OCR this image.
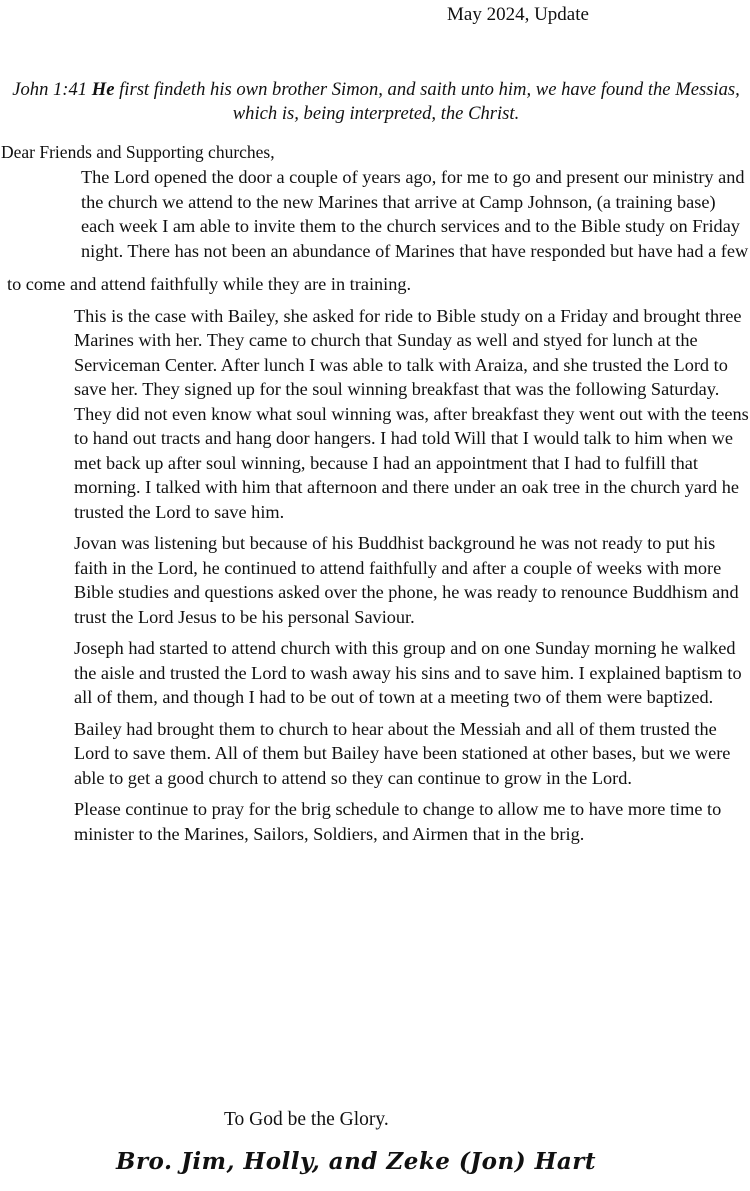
May 2024, Update
John 1:41 He first findeth his own brother Simon, and saith unto him, we have found the Messias, which is, being interpreted, the Christ.
Dear Friends and Supporting churches,

The Lord opened the door a couple of years ago, for me to go and present our ministry and the church we attend to the new Marines that arrive at Camp Johnson, (a training base) each week I am able to invite them to the church services and to the Bible study on Friday night. There has not been an abundance of Marines that have responded but have had a few

to come and attend faithfully while they are in training.

This is the case with Bailey, she asked for ride to Bible study on a Friday and brought three Marines with her. They came to church that Sunday as well and styed for lunch at the Serviceman Center. After lunch I was able to talk with Araiza, and she trusted the Lord to save her. They signed up for the soul winning breakfast that was the following Saturday. They did not even know what soul winning was, after breakfast they went out with the teens to hand out tracts and hang door hangers. I had told Will that I would talk to him when we met back up after soul winning, because I had an appointment that I had to fulfill that morning. I talked with him that afternoon and there under an oak tree in the church yard he trusted the Lord to save him.

Jovan was listening but because of his Buddhist background he was not ready to put his faith in the Lord, he continued to attend faithfully and after a couple of weeks with more Bible studies and questions asked over the phone, he was ready to renounce Buddhism and trust the Lord Jesus to be his personal Saviour.

Joseph had started to attend church with this group and on one Sunday morning he walked the aisle and trusted the Lord to wash away his sins and to save him. I explained baptism to all of them, and though I had to be out of town at a meeting two of them were baptized.

Bailey had brought them to church to hear about the Messiah and all of them trusted the Lord to save them. All of them but Bailey have been stationed at other bases, but we were able to get a good church to attend so they can continue to grow in the Lord.

Please continue to pray for the brig schedule to change to allow me to have more time to minister to the Marines, Sailors, Soldiers, and Airmen that in the brig.

To God be the Glory.
Bro. Jim, Holly, and Zeke (Jon) Hart
